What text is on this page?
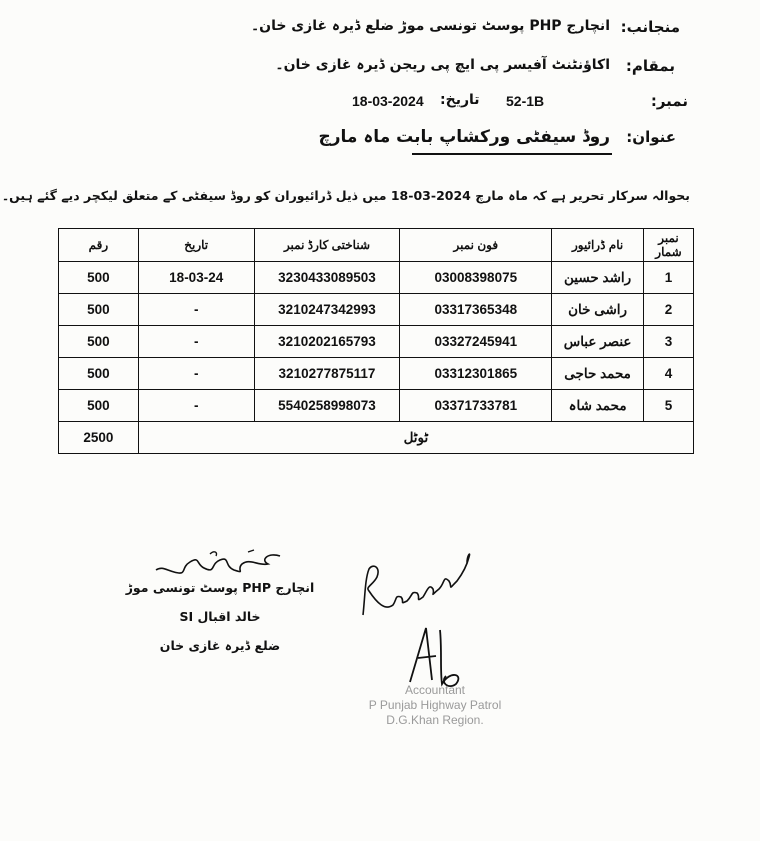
منجانب:
انچارج PHP پوسٹ تونسی موڑ ضلع ڈیرہ غازی خان۔
بمقام:
اکاؤنٹنٹ آفیسر پی ایچ پی ریجن ڈیرہ غازی خان۔
نمبر:
52-1B
تاریخ:
18-03-2024
عنوان:
روڈ سیفٹی ورکشاپ بابت ماہ مارچ
بحوالہ سرکار تحریر ہے کہ ماہ مارچ 2024-03-18 میں ذیل ڈرائیوران کو روڈ سیفٹی کے متعلق لیکچر دیے گئے ہیں۔
رقم	تاریخ	شناختی کارڈ نمبر	فون نمبر	نام ڈرائیور	نمبر شمار
500	18-03-24	3230433089503	03008398075	راشد حسین	1
500	-	3210247342993	03317365348	راشی خان	2
500	-	3210202165793	03327245941	عنصر عباس	3
500	-	3210277875117	03312301865	محمد حاجی	4
500	-	5540258998073	03371733781	محمد شاہ	5
2500	ٹوٹل				
انچارج PHP پوسٹ تونسی موڑ
خالد اقبال SI
ضلع ڈیرہ غازی خان
Accountant
P Punjab Highway Patrol
D.G.Khan Region.
